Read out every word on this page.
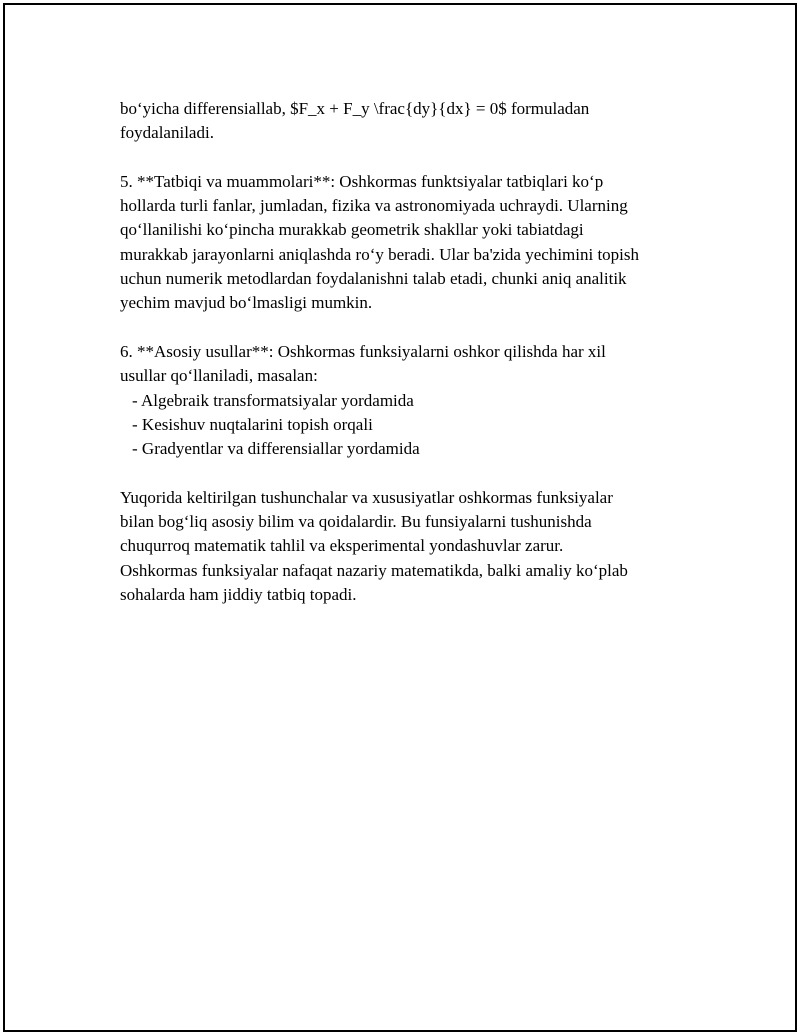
bo‘yicha differensiallab, $F_x + F_y \frac{dy}{dx} = 0$ formuladan
foydalaniladi.

5. **Tatbiqi va muammolari**: Oshkormas funktsiyalar tatbiqlari ko‘p
hollarda turli fanlar, jumladan, fizika va astronomiyada uchraydi. Ularning
qo‘llanilishi ko‘pincha murakkab geometrik shakllar yoki tabiatdagi
murakkab jarayonlarni aniqlashda ro‘y beradi. Ular ba'zida yechimini topish
uchun numerik metodlardan foydalanishni talab etadi, chunki aniq analitik
yechim mavjud bo‘lmasligi mumkin.

6. **Asosiy usullar**: Oshkormas funksiyalarni oshkor qilishda har xil
usullar qo‘llaniladi, masalan:

- Algebraik transformatsiyalar yordamida
- Kesishuv nuqtalarini topish orqali
- Gradyentlar va differensiallar yordamida

Yuqorida keltirilgan tushunchalar va xususiyatlar oshkormas funksiyalar
bilan bog‘liq asosiy bilim va qoidalardir. Bu funsiyalarni tushunishda
chuqurroq matematik tahlil va eksperimental yondashuvlar zarur.
Oshkormas funksiyalar nafaqat nazariy matematikda, balki amaliy ko‘plab
sohalarda ham jiddiy tatbiq topadi.
